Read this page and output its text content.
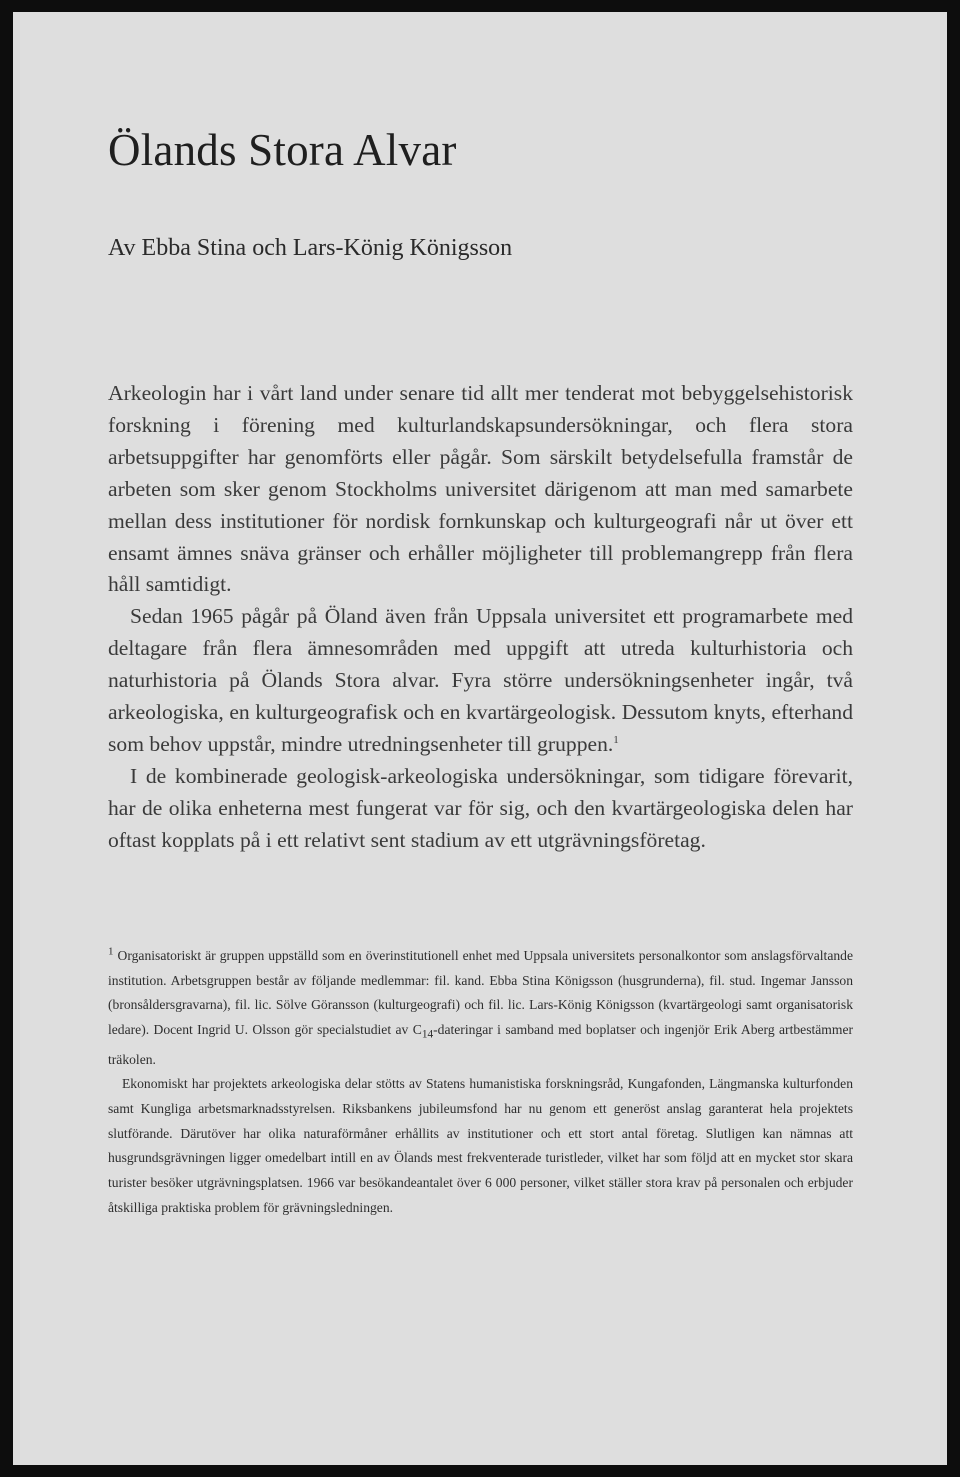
Ölands Stora Alvar

Av Ebba Stina och Lars-König Königsson

Arkeologin har i vårt land under senare tid allt mer tenderat mot bebyggelsehistorisk forskning i förening med kulturlandskapsundersökningar, och flera stora arbetsuppgifter har genomförts eller pågår. Som särskilt betydelsefulla framstår de arbeten som sker genom Stockholms universitet därigenom att man med samarbete mellan dess institutioner för nordisk fornkunskap och kulturgeografi når ut över ett ensamt ämnes snäva gränser och erhåller möjligheter till problemangrepp från flera håll samtidigt.

Sedan 1965 pågår på Öland även från Uppsala universitet ett programarbete med deltagare från flera ämnesområden med uppgift att utreda kulturhistoria och naturhistoria på Ölands Stora alvar. Fyra större undersökningsenheter ingår, två arkeologiska, en kulturgeografisk och en kvartärgeologisk. Dessutom knyts, efterhand som behov uppstår, mindre utredningsenheter till gruppen.$^1$

I de kombinerade geologisk-arkeologiska undersökningar, som tidigare förevarit, har de olika enheterna mest fungerat var för sig, och den kvartärgeologiska delen har oftast kopplats på i ett relativt sent stadium av ett utgrävningsföretag.

$^1$ Organisatoriskt är gruppen uppställd som en överinstitutionell enhet med Uppsala universitets personalkontor som anslagsförvaltande institution. Arbetsgruppen består av följande medlemmar: fil. kand. Ebba Stina Königsson (husgrunderna), fil. stud. Ingemar Jansson (bronsåldersgravarna), fil. lic. Sölve Göransson (kulturgeografi) och fil. lic. Lars-König Königsson (kvartärgeologi samt organisatorisk ledare). Docent Ingrid U. Olsson gör specialstudiet av $C_{14}$-dateringar i samband med boplatser och ingenjör Erik Aberg artbestämmer träkolen.

Ekonomiskt har projektets arkeologiska delar stötts av Statens humanistiska forskningsråd, Kungafonden, Längmanska kulturfonden samt Kungliga arbetsmarknadsstyrelsen. Riksbankens jubileumsfond har nu genom ett generöst anslag garanterat hela projektets slutförande. Därutöver har olika naturaförmåner erhållits av institutioner och ett stort antal företag. Slutligen kan nämnas att husgrundsgrävningen ligger omedelbart intill en av Ölands mest frekventerade turistleder, vilket har som följd att en mycket stor skara turister besöker utgrävningsplatsen. 1966 var besökandeantalet över 6 000 personer, vilket ställer stora krav på personalen och erbjuder åtskilliga praktiska problem för grävningsledningen.
